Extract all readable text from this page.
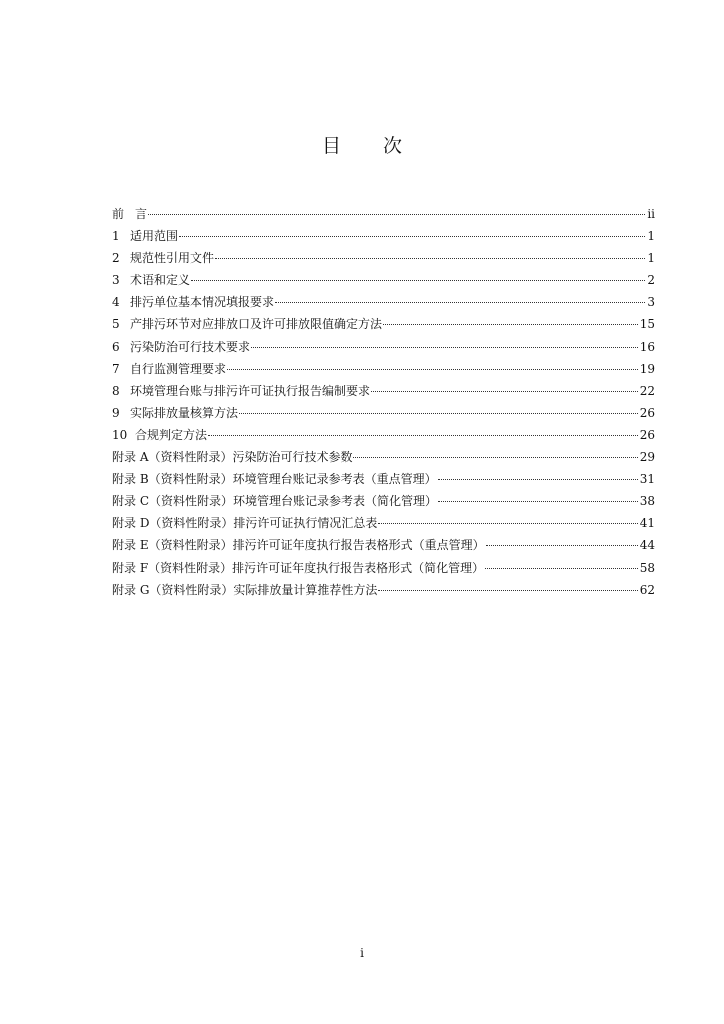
目 次
前 言	ii
1 适用范围	1
2 规范性引用文件	1
3 术语和定义	2
4 排污单位基本情况填报要求	3
5 产排污环节对应排放口及许可排放限值确定方法	15
6 污染防治可行技术要求	16
7 自行监测管理要求	19
8 环境管理台账与排污许可证执行报告编制要求	22
9 实际排放量核算方法	26
10 合规判定方法	26
附录 A（资料性附录）污染防治可行技术参数	29
附录 B（资料性附录）环境管理台账记录参考表（重点管理）	31
附录 C（资料性附录）环境管理台账记录参考表（简化管理）	38
附录 D（资料性附录）排污许可证执行情况汇总表	41
附录 E（资料性附录）排污许可证年度执行报告表格形式（重点管理）	44
附录 F（资料性附录）排污许可证年度执行报告表格形式（简化管理）	58
附录 G（资料性附录）实际排放量计算推荐性方法	62
i
